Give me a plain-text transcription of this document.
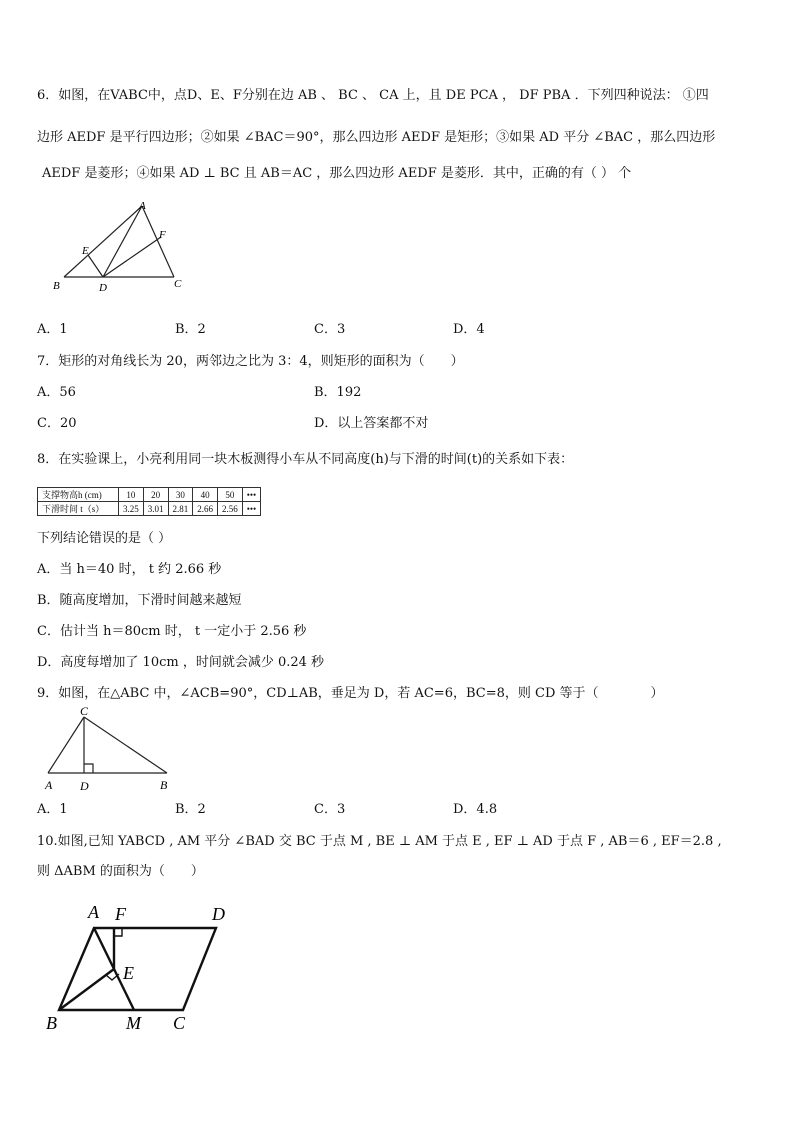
6．如图，在VABC中，点D、E、F分别在边 AB 、 BC 、 CA 上，且 DE PCA ， DF PBA ．下列四种说法： ①四
边形 AEDF 是平行四边形；②如果 ∠BAC＝90°，那么四边形 AEDF 是矩形；③如果 AD 平分 ∠BAC ，那么四边形
AEDF 是菱形；④如果 AD ⊥ BC 且 AB＝AC ，那么四边形 AEDF 是菱形．其中，正确的有（ ） 个
A
E
F
B	D	C
A．1	B．2	C．3	D．4
7．矩形的对角线长为 20，两邻边之比为 3：4，则矩形的面积为（　　）
A．56	B．192
C．20	D．以上答案都不对
8．在实验课上，小亮利用同一块木板测得小车从不同高度(h)与下滑的时间(t)的关系如下表：
支撑物高h (cm)	10	20	30	40	50	•••
下滑时间 t（s）	3.25	3.01	2.81	2.66	2.56	•••
下列结论错误的是（ ）
A．当 h＝40 时， t 约 2.66 秒
B．随高度增加，下滑时间越来越短
C．估计当 h＝80cm 时， t 一定小于 2.56 秒
D．高度每增加了 10cm ，时间就会减少 0.24 秒
9．如图，在△ABC 中，∠ACB=90°，CD⊥AB，垂足为 D，若 AC=6，BC=8，则 CD 等于（　　　　）
C
A D	B
A．1	B．2	C．3	D．4.8
10.如图,已知 YABCD , AM 平分 ∠BAD 交 BC 于点 M , BE ⊥ AM 于点 E , EF ⊥ AD 于点 F , AB＝6 , EF＝2.8 ,
则 ΔABM 的面积为（　　）
A F	D
E
B	M C
